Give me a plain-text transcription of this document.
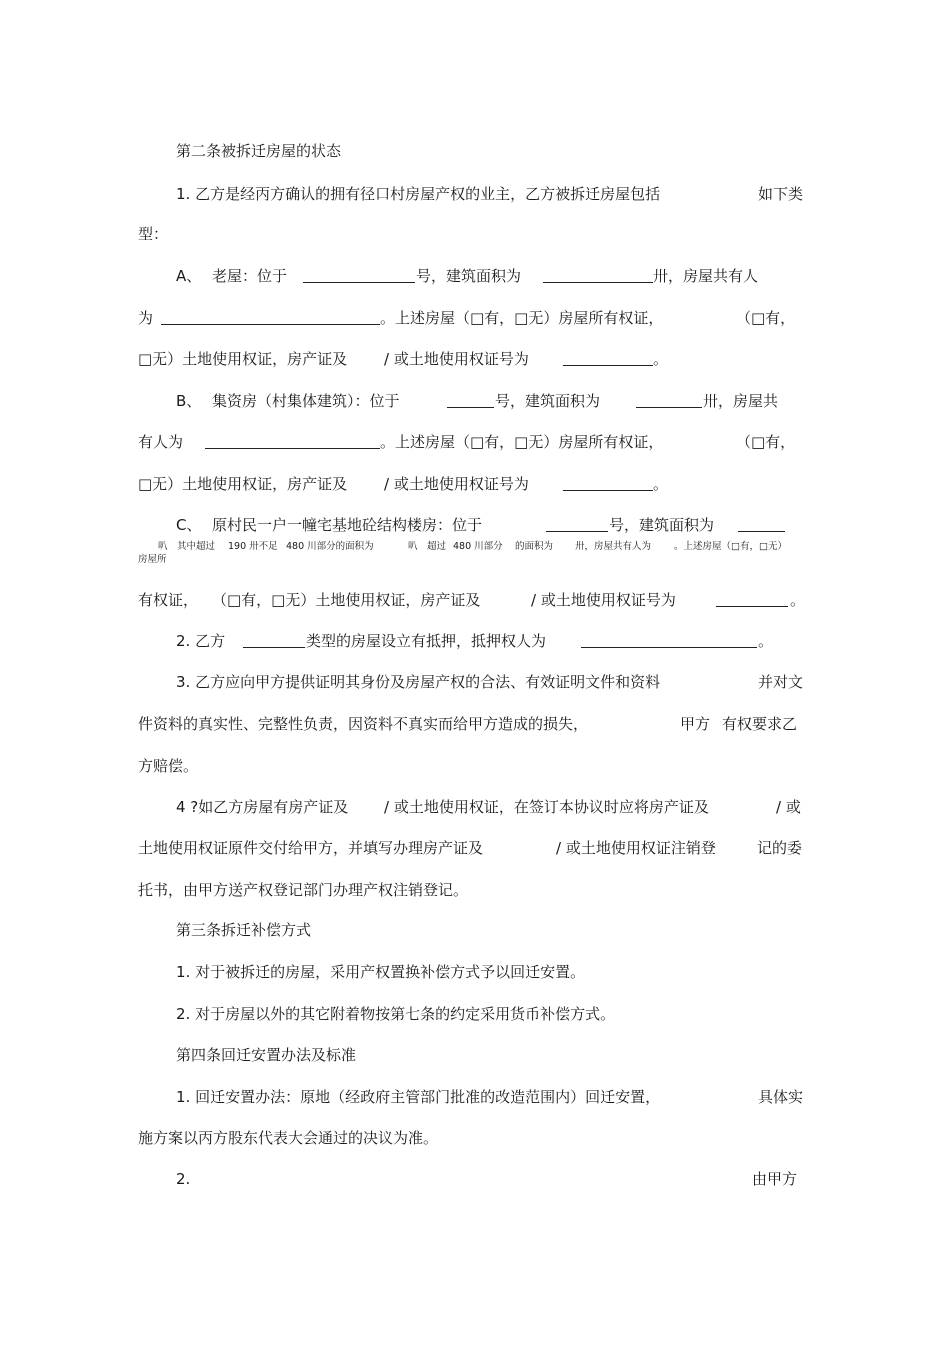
第二条被拆迁房屋的状态
1. 乙方是经丙方确认的拥有径口村房屋产权的业主，乙方被拆迁房屋包括	如下类
型：
A、 老屋：位于	号，建筑面积为	卅，房屋共有人
为	。上述房屋（□有，□无）房屋所有权证，	（□有，
□无）土地使用权证，房产证及 / 或土地使用权证号为	。
B、 集资房（村集体建筑）：位于	号，建筑面积为	卅，房屋共
有人为	。上述房屋（□有，□无）房屋所有权证，	（□有，
□无）土地使用权证，房产证及 / 或土地使用权证号为	。
C、 原村民一户一幢宅基地砼结构楼房：位于	号，建筑面积为
叭 其中超过 190 卅不足 480 川部分的面积为	叭 超过 480 川部分 的面积为 卅，房屋共有人为 。上述房屋（□有，□无）
房屋所
有权证， （□有，□无）土地使用权证，房产证及	/ 或土地使用权证号为	。
2. 乙方	类型的房屋设立有抵押，抵押权人为	。
3. 乙方应向甲方提供证明其身份及房屋产权的合法、有效证明文件和资料	并对文
件资料的真实性、完整性负责，因资料不真实而给甲方造成的损失，	甲方 有权要求乙
方赔偿。
4 ?如乙方房屋有房产证及 / 或土地使用权证，在签订本协议时应将房产证及	/ 或
土地使用权证原件交付给甲方，并填写办理房产证及	/ 或土地使用权证注销登	记的委
托书，由甲方送产权登记部门办理产权注销登记。
第三条拆迁补偿方式
1. 对于被拆迁的房屋，采用产权置换补偿方式予以回迁安置。
2. 对于房屋以外的其它附着物按第七条的约定采用货币补偿方式。
第四条回迁安置办法及标准
1. 回迁安置办法：原地（经政府主管部门批准的改造范围内）回迁安置，	具体实
施方案以丙方股东代表大会通过的决议为准。
2.	由甲方
